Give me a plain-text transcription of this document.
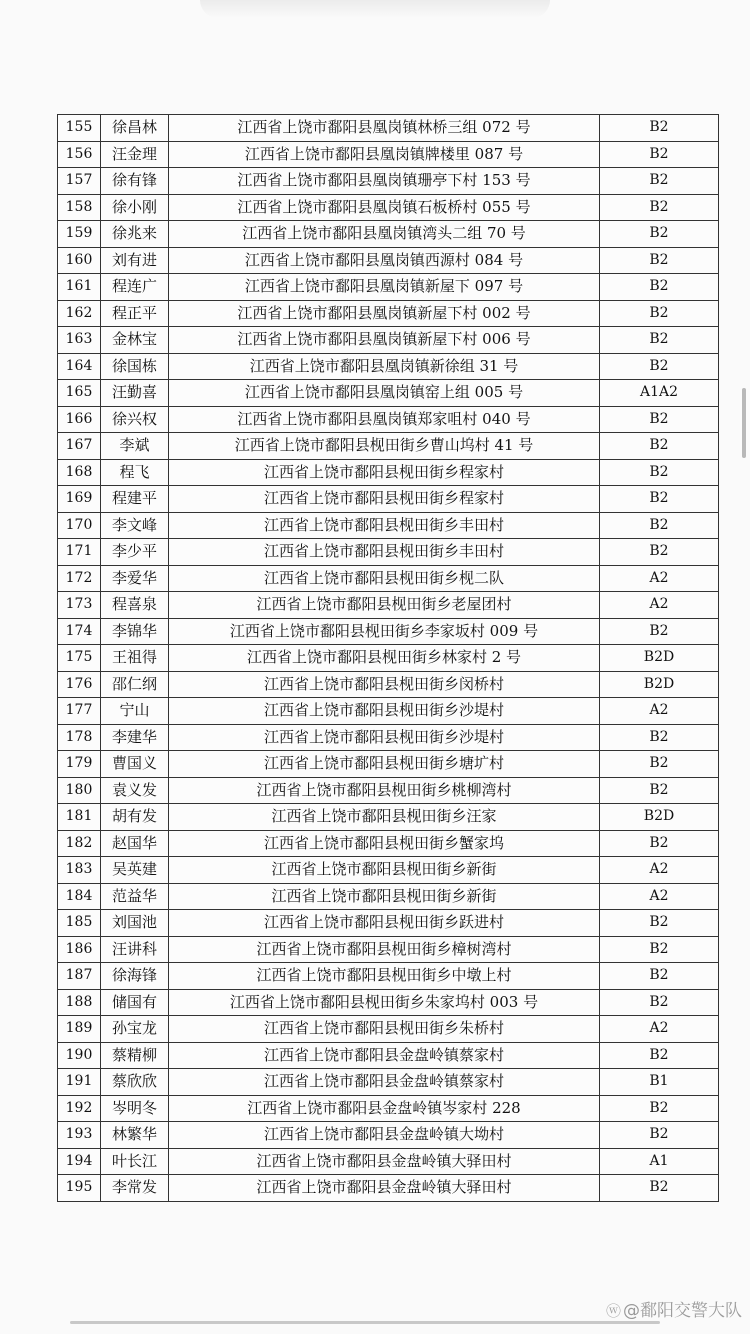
155	徐昌林	江西省上饶市鄱阳县凰岗镇林桥三组 072 号	B2
156	汪金理	江西省上饶市鄱阳县凰岗镇牌楼里 087 号	B2
157	徐有锋	江西省上饶市鄱阳县凰岗镇珊亭下村 153 号	B2
158	徐小刚	江西省上饶市鄱阳县凰岗镇石板桥村 055 号	B2
159	徐兆来	江西省上饶市鄱阳县凰岗镇湾头二组 70 号	B2
160	刘有进	江西省上饶市鄱阳县凰岗镇西源村 084 号	B2
161	程连广	江西省上饶市鄱阳县凰岗镇新屋下 097 号	B2
162	程正平	江西省上饶市鄱阳县凰岗镇新屋下村 002 号	B2
163	金林宝	江西省上饶市鄱阳县凰岗镇新屋下村 006 号	B2
164	徐国栋	江西省上饶市鄱阳县凰岗镇新徐组 31 号	B2
165	汪勤喜	江西省上饶市鄱阳县凰岗镇窑上组 005 号	A1A2
166	徐兴权	江西省上饶市鄱阳县凰岗镇郑家咀村 040 号	B2
167	李斌	江西省上饶市鄱阳县枧田街乡曹山坞村 41 号	B2
168	程飞	江西省上饶市鄱阳县枧田街乡程家村	B2
169	程建平	江西省上饶市鄱阳县枧田街乡程家村	B2
170	李文峰	江西省上饶市鄱阳县枧田街乡丰田村	B2
171	李少平	江西省上饶市鄱阳县枧田街乡丰田村	B2
172	李爱华	江西省上饶市鄱阳县枧田街乡枧二队	A2
173	程喜泉	江西省上饶市鄱阳县枧田街乡老屋团村	A2
174	李锦华	江西省上饶市鄱阳县枧田街乡李家坂村 009 号	B2
175	王祖得	江西省上饶市鄱阳县枧田街乡林家村 2 号	B2D
176	邵仁纲	江西省上饶市鄱阳县枧田街乡闵桥村	B2D
177	宁山	江西省上饶市鄱阳县枧田街乡沙堤村	A2
178	李建华	江西省上饶市鄱阳县枧田街乡沙堤村	B2
179	曹国义	江西省上饶市鄱阳县枧田街乡塘圹村	B2
180	袁义发	江西省上饶市鄱阳县枧田街乡桃柳湾村	B2
181	胡有发	江西省上饶市鄱阳县枧田街乡汪家	B2D
182	赵国华	江西省上饶市鄱阳县枧田街乡蟹家坞	B2
183	吴英建	江西省上饶市鄱阳县枧田街乡新街	A2
184	范益华	江西省上饶市鄱阳县枧田街乡新街	A2
185	刘国池	江西省上饶市鄱阳县枧田街乡跃进村	B2
186	汪讲科	江西省上饶市鄱阳县枧田街乡樟树湾村	B2
187	徐海锋	江西省上饶市鄱阳县枧田街乡中墩上村	B2
188	储国有	江西省上饶市鄱阳县枧田街乡朱家坞村 003 号	B2
189	孙宝龙	江西省上饶市鄱阳县枧田街乡朱桥村	A2
190	蔡精柳	江西省上饶市鄱阳县金盘岭镇蔡家村	B2
191	蔡欣欣	江西省上饶市鄱阳县金盘岭镇蔡家村	B1
192	岑明冬	江西省上饶市鄱阳县金盘岭镇岑家村 228	B2
193	林繁华	江西省上饶市鄱阳县金盘岭镇大坳村	B2
194	叶长江	江西省上饶市鄱阳县金盘岭镇大驿田村	A1
195	李常发	江西省上饶市鄱阳县金盘岭镇大驿田村	B2
ⓦ @鄱阳交警大队
